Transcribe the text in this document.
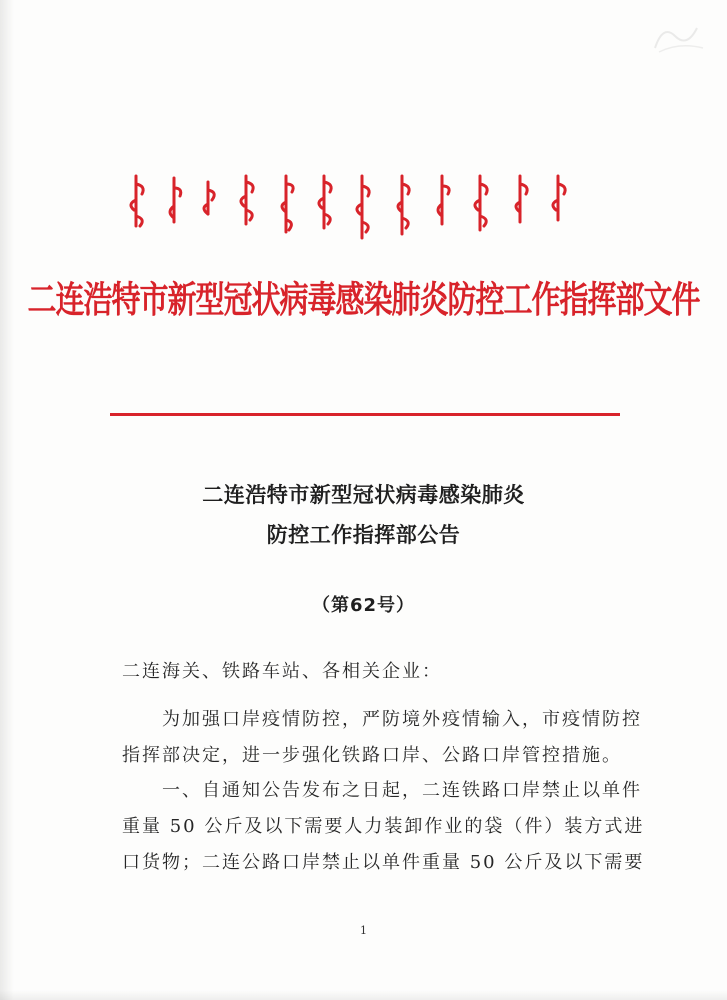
二连浩特市新型冠状病毒感染肺炎防控工作指挥部文件
二连浩特市新型冠状病毒感染肺炎
防控工作指挥部公告
（第62号）
二连海关、铁路车站、各相关企业：
为加强口岸疫情防控，严防境外疫情输入，市疫情防控
指挥部决定，进一步强化铁路口岸、公路口岸管控措施。
一、自通知公告发布之日起，二连铁路口岸禁止以单件
重量 50 公斤及以下需要人力装卸作业的袋（件）装方式进
口货物；二连公路口岸禁止以单件重量 50 公斤及以下需要
1
